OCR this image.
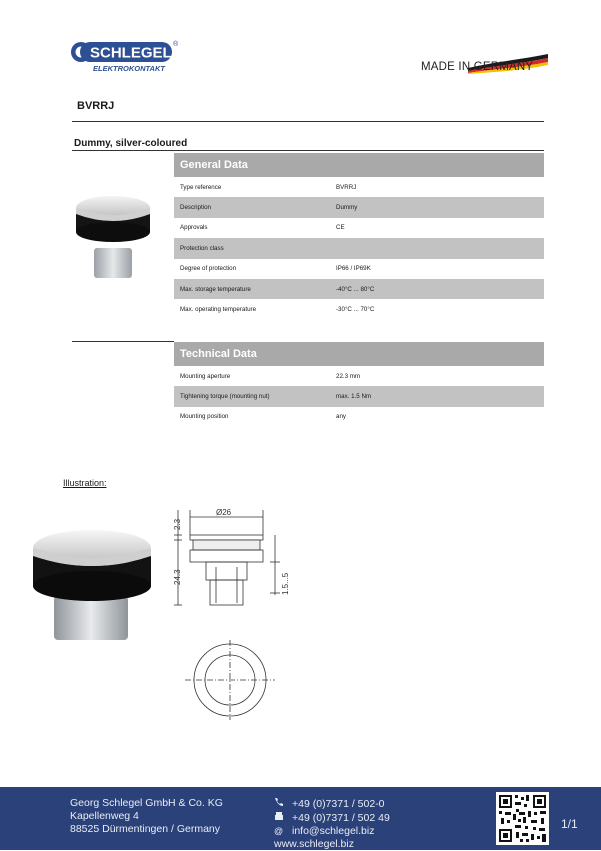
SCHLEGEL ®
ELEKTROKONTAKT	MADE IN GERMANY
BVRRJ
Dummy, silver-coloured
General Data
Type reference	BVRRJ
Description	Dummy
Approvals	CE
Protection class
Degree of protection	IP66 / IP69K
Max. storage temperature	-40°C ... 80°C
Max. operating temperature	-30°C ... 70°C
Technical Data
Mounting aperture	22.3 mm
Tightening torque (mounting nut)	max. 1.5 Nm
Mounting position	any
Illustration:
Ø26
2.3
24.3	1.5...5
Georg Schlegel GmbH & Co. KG
Kapellenweg 4
88525 Dürmentingen / Germany
+49 (0)7371 / 502-0
+49 (0)7371 / 502 49
@ info@schlegel.biz
www.schlegel.biz
1/1
